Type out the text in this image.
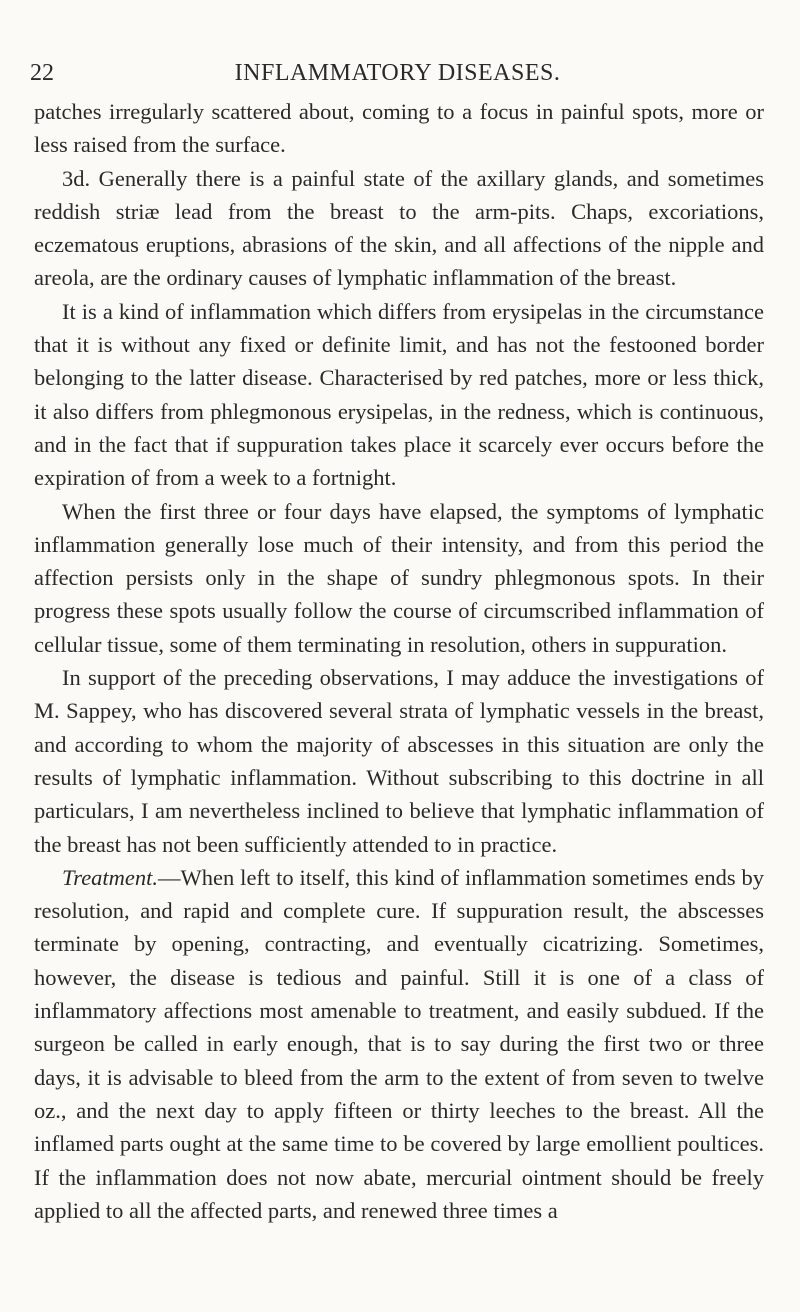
22	INFLAMMATORY DISEASES.

patches irregularly scattered about, coming to a focus in painful spots, more or less raised from the surface.

3d. Generally there is a painful state of the axillary glands, and sometimes reddish striæ lead from the breast to the arm-pits. Chaps, excoriations, eczematous eruptions, abrasions of the skin, and all affections of the nipple and areola, are the ordinary causes of lymphatic inflammation of the breast.

It is a kind of inflammation which differs from erysipelas in the circumstance that it is without any fixed or definite limit, and has not the festooned border belonging to the latter disease. Characterised by red patches, more or less thick, it also differs from phlegmonous erysipelas, in the redness, which is continuous, and in the fact that if suppuration takes place it scarcely ever occurs before the expiration of from a week to a fortnight.

When the first three or four days have elapsed, the symptoms of lymphatic inflammation generally lose much of their intensity, and from this period the affection persists only in the shape of sundry phlegmonous spots. In their progress these spots usually follow the course of circumscribed inflammation of cellular tissue, some of them terminating in resolution, others in suppuration.

In support of the preceding observations, I may adduce the investigations of M. Sappey, who has discovered several strata of lymphatic vessels in the breast, and according to whom the majority of abscesses in this situation are only the results of lymphatic inflammation. Without subscribing to this doctrine in all particulars, I am nevertheless inclined to believe that lymphatic inflammation of the breast has not been sufficiently attended to in practice.

Treatment.—When left to itself, this kind of inflammation sometimes ends by resolution, and rapid and complete cure. If suppuration result, the abscesses terminate by opening, contracting, and eventually cicatrizing. Sometimes, however, the disease is tedious and painful. Still it is one of a class of inflammatory affections most amenable to treatment, and easily subdued. If the surgeon be called in early enough, that is to say during the first two or three days, it is advisable to bleed from the arm to the extent of from seven to twelve oz., and the next day to apply fifteen or thirty leeches to the breast. All the inflamed parts ought at the same time to be covered by large emollient poultices. If the inflammation does not now abate, mercurial ointment should be freely applied to all the affected parts, and renewed three times a
